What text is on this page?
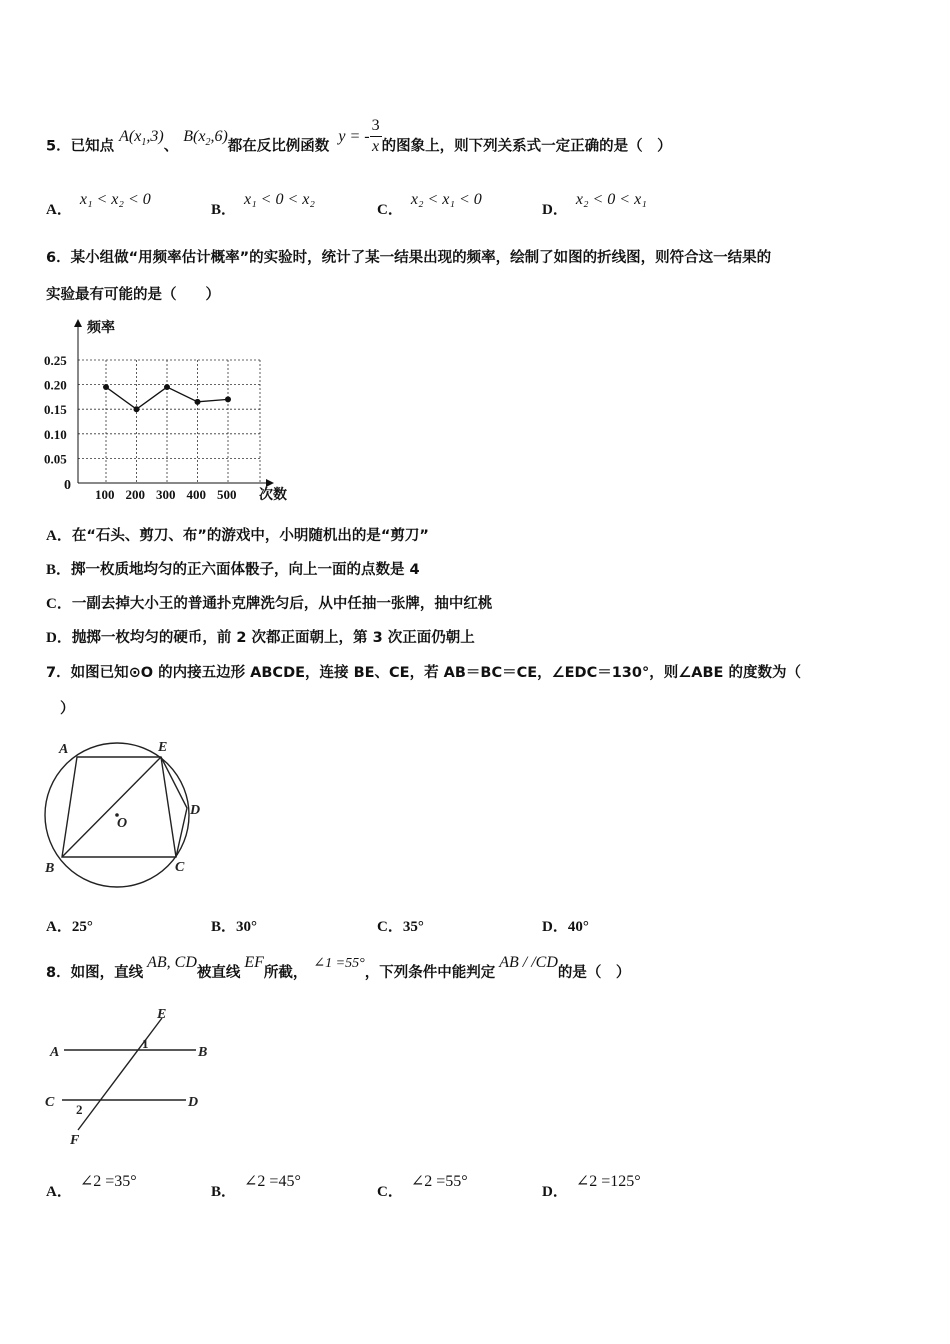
5．已知点 $A(x_1,3)$、 $B(x_2,6)$都在反比例函数 y = - $\frac{3}{x}$ 的图象上，则下列关系式一定正确的是（　）
A．x₁ < x₂ < 0
B．x₁ < 0 < x₂
C．x₂ < x₁ < 0
D．x₂ < 0 < x₁
6．某小组做“用频率估计概率”的实验时，统计了某一结果出现的频率，绘制了如图的折线图，则符合这一结果的
实验最有可能的是（　　）
频率
次数
0
0.25
0.20
0.15
0.10
0.05
100 200 300 400 500
A．在“石头、剪刀、布”的游戏中，小明随机出的是“剪刀”
B．掷一枚质地均匀的正六面体骰子，向上一面的点数是 4
C．一副去掉大小王的普通扑克牌洗匀后，从中任抽一张牌，抽中红桃
D．抛掷一枚均匀的硬币，前 2 次都正面朝上，第 3 次正面仍朝上
7．如图已知⊙O 的内接五边形 ABCDE，连接 BE、CE，若 AB＝BC＝CE，∠EDC＝130°，则∠ABE 的度数为（
）
A	E
D
O
B	C
A．25°	B．30°	C．35°	D．40°
8．如图，直线AB, CD被直线EF所截，∠1 =55°，下列条件中能判定AB / /CD的是（　）
E
A
1
B
C	D
2
F
A．∠2 =35°
B．∠2 =45°
C．∠2 =55°
D．∠2 =125°
